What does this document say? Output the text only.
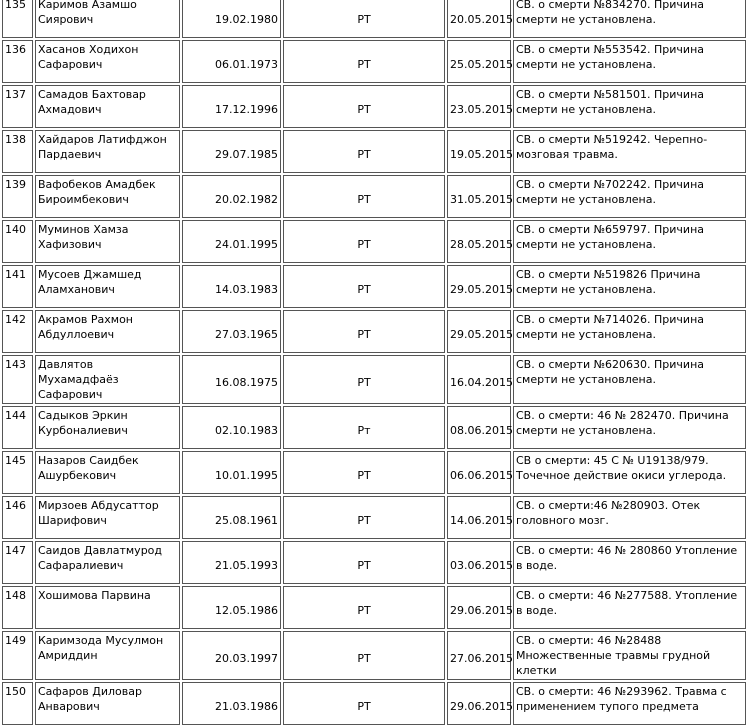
135	Каримов Азамшо Сиярович	19.02.1980	РТ	20.05.2015	СВ. о смерти №834270. Причина смерти не установлена.
136	Хасанов Ходихон Сафарович	06.01.1973	РТ	25.05.2015	СВ. о смерти №553542. Причина смерти не установлена.
137	Самадов Бахтовар Ахмадович	17.12.1996	РТ	23.05.2015	СВ. о смерти №581501. Причина смерти не установлена.
138	Хайдаров Латифджон Пардаевич	29.07.1985	РТ	19.05.2015	СВ. о смерти №519242. Черепно-мозговая травма.
139	Вафобеков Амадбек Бироимбекович	20.02.1982	РТ	31.05.2015	СВ. о смерти №702242. Причина смерти не установлена.
140	Муминов Хамза Хафизович	24.01.1995	РТ	28.05.2015	СВ. о смерти №659797. Причина смерти не установлена.
141	Мусоев Джамшед Аламханович	14.03.1983	РТ	29.05.2015	СВ. о смерти №519826 Причина смерти не установлена.
142	Акрамов Рахмон Абдуллоевич	27.03.1965	РТ	29.05.2015	СВ. о смерти №714026. Причина смерти не установлена.
143	Давлятов Мухамадфаёз Сафарович	16.08.1975	РТ	16.04.2015	СВ. о смерти №620630. Причина смерти не установлена.
144	Садыков Эркин Курбоналиевич	02.10.1983	Рт	08.06.2015	СВ. о смерти: 46 № 282470. Причина смерти не установлена.
145	Назаров Саидбек Ашурбекович	10.01.1995	РТ	06.06.2015	СВ о смерти: 45 С № U19138/979. Точечное действие окиси углерода.
146	Мирзоев Абдусаттор Шарифович	25.08.1961	РТ	14.06.2015	СВ. о смерти:46 №280903. Отек головного мозг.
147	Саидов Давлатмурод Сафаралиевич	21.05.1993	РТ	03.06.2015	СВ. о смерти: 46 № 280860 Утопление в воде.
148	Хошимова Парвина	12.05.1986	РТ	29.06.2015	СВ. о смерти: 46 №277588. Утопление в воде.
149	Каримзода Мусулмон Амриддин	20.03.1997	РТ	27.06.2015	СВ. о смерти: 46 №28488 Множественные травмы грудной клетки
150	Сафаров Диловар Анварович	21.03.1986	РТ	29.06.2015	СВ. о смерти: 46 №293962. Травма с применением тупого предмета
